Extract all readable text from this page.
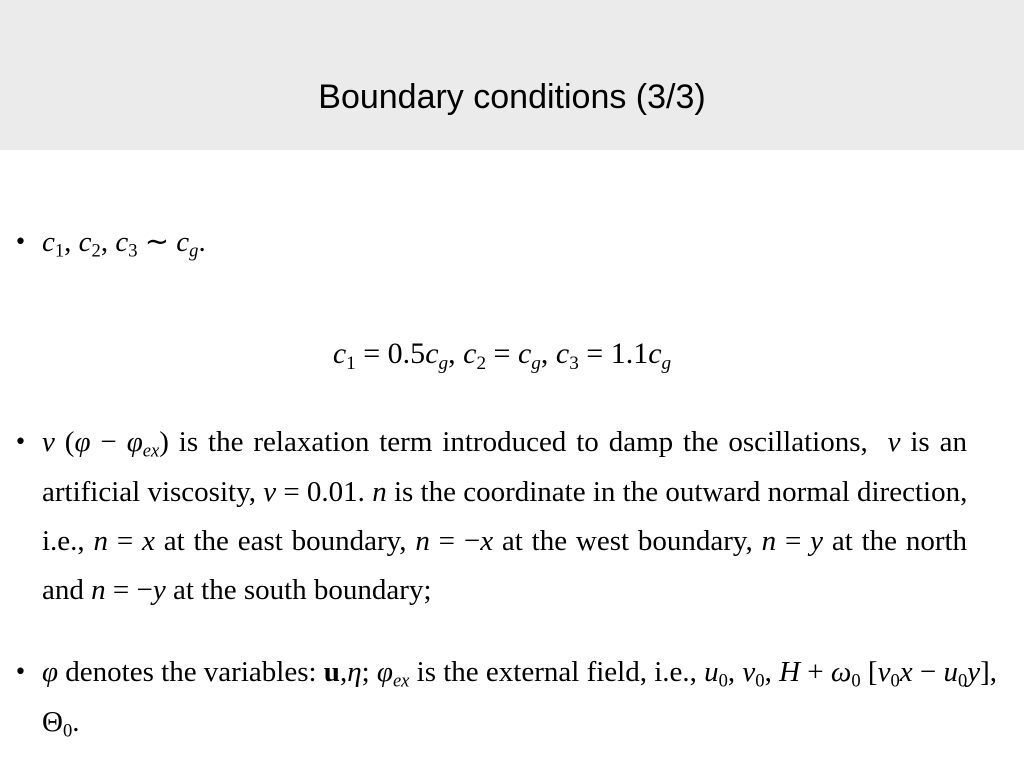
Boundary conditions (3/3)
• $c_1$, $c_2$, $c_3$ ∼ $c_g$.
$c_1 = 0.5c_g$, $c_2 = c_g$, $c_3 = 1.1c_g$
• ν $(\varphi - \varphi_{ex})$ is the relaxation term introduced to damp the oscillations, ν is an
artificial viscosity, ν = 0.01. n is the coordinate in the outward normal direction,
i.e., n = x at the east boundary, n = −x at the west boundary, n = y at the north
and n = −y at the south boundary;
• φ denotes the variables: u,η; $\varphi_{ex}$ is the external field, i.e., $u_0$, $v_0$, $H + \omega_0$ $[v_0x - u_0y]$,
$\Theta_0$.
